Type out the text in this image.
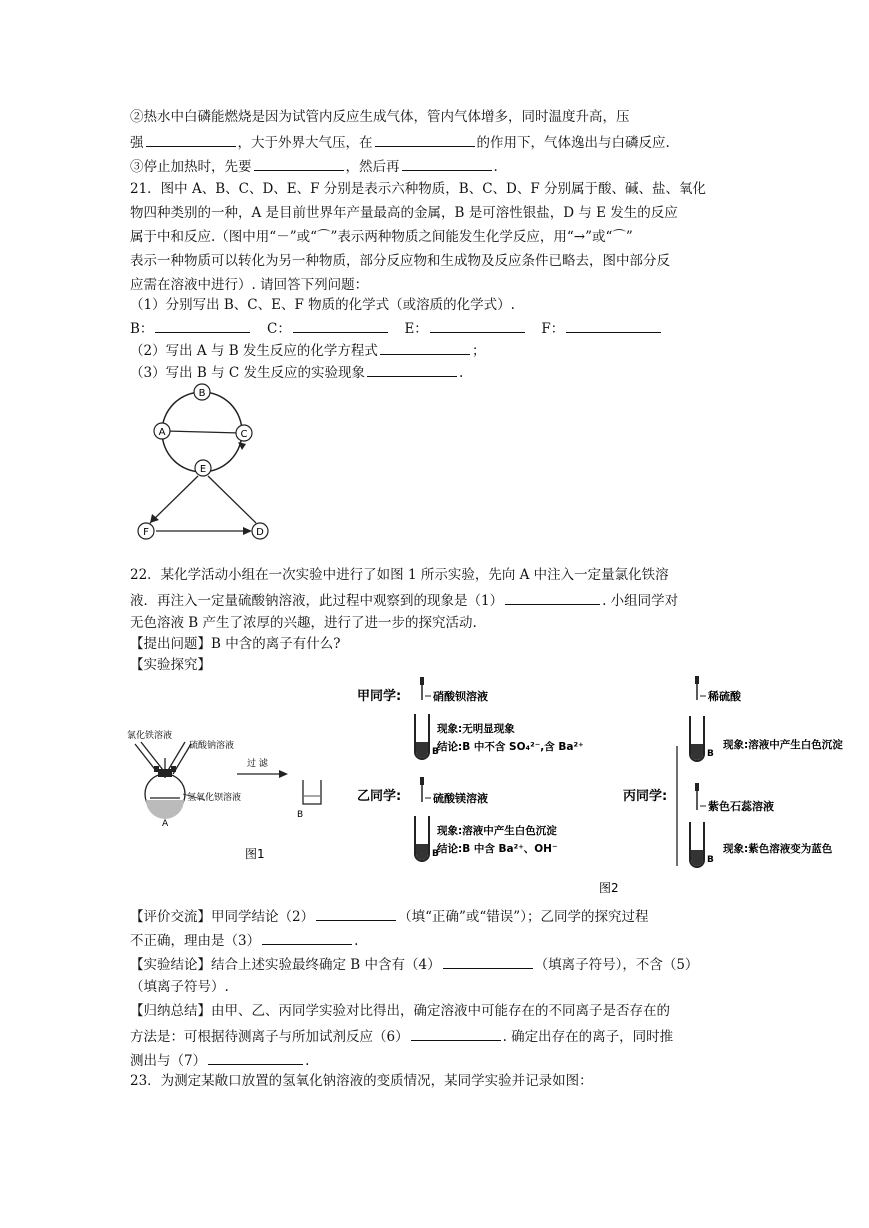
②热水中白磷能燃烧是因为试管内反应生成气体，管内气体增多，同时温度升高，压
强	，大于外界大气压，在	的作用下，气体逸出与白磷反应.
③停止加热时，先要	，然后再	.
21．图中 A、B、C、D、E、F 分别是表示六种物质，B、C、D、F 分别属于酸、碱、盐、氧化
物四种类别的一种，A 是目前世界年产量最高的金属，B 是可溶性银盐，D 与 E 发生的反应
属于中和反应.（图中用“－”或“⌒”表示两种物质之间能发生化学反应，用“→”或“⌒”
表示一种物质可以转化为另一种物质，部分反应物和生成物及反应条件已略去，图中部分反
应需在溶液中进行）. 请回答下列问题：
（1）分别写出 B、C、E、F 物质的化学式（或溶质的化学式）.
B：	C：	E：	F：
（2）写出 A 与 B 发生反应的化学方程式	；
（3）写出 B 与 C 发生反应的实验现象	.
B
A	C
E
F	D
22．某化学活动小组在一次实验中进行了如图 1 所示实验，先向 A 中注入一定量氯化铁溶
液．再注入一定量硫酸钠溶液，此过程中观察到的现象是（1）	. 小组同学对
无色溶液 B 产生了浓厚的兴趣，进行了进一步的探究活动.
【提出问题】B 中含的离子有什么?
【实验探究】
氯化铁溶液
硫酸钠溶液
氢氧化钡溶液
A
过 滤
B
图1
甲同学:	硝酸钡溶液
B
现象:无明显现象
结论:B 中不含 SO₄²⁻,含 Ba²⁺
乙同学:	硫酸镁溶液
B
现象:溶液中产生白色沉淀
结论:B 中含 Ba²⁺、OH⁻
丙同学:
稀硫酸
B
现象:溶液中产生白色沉淀
紫色石蕊溶液
B
现象:紫色溶液变为蓝色
图2
【评价交流】甲同学结论（2）	（填“正确”或“错误”）；乙同学的探究过程
不正确，理由是（3）	.
【实验结论】结合上述实验最终确定 B 中含有（4）	（填离子符号），不含（5）
（填离子符号）.
【归纳总结】由甲、乙、丙同学实验对比得出，确定溶液中可能存在的不同离子是否存在的
方法是：可根据待测离子与所加试剂反应（6）	. 确定出存在的离子，同时推
测出与（7）	.
23．为测定某敞口放置的氢氧化钠溶液的变质情况，某同学实验并记录如图：
